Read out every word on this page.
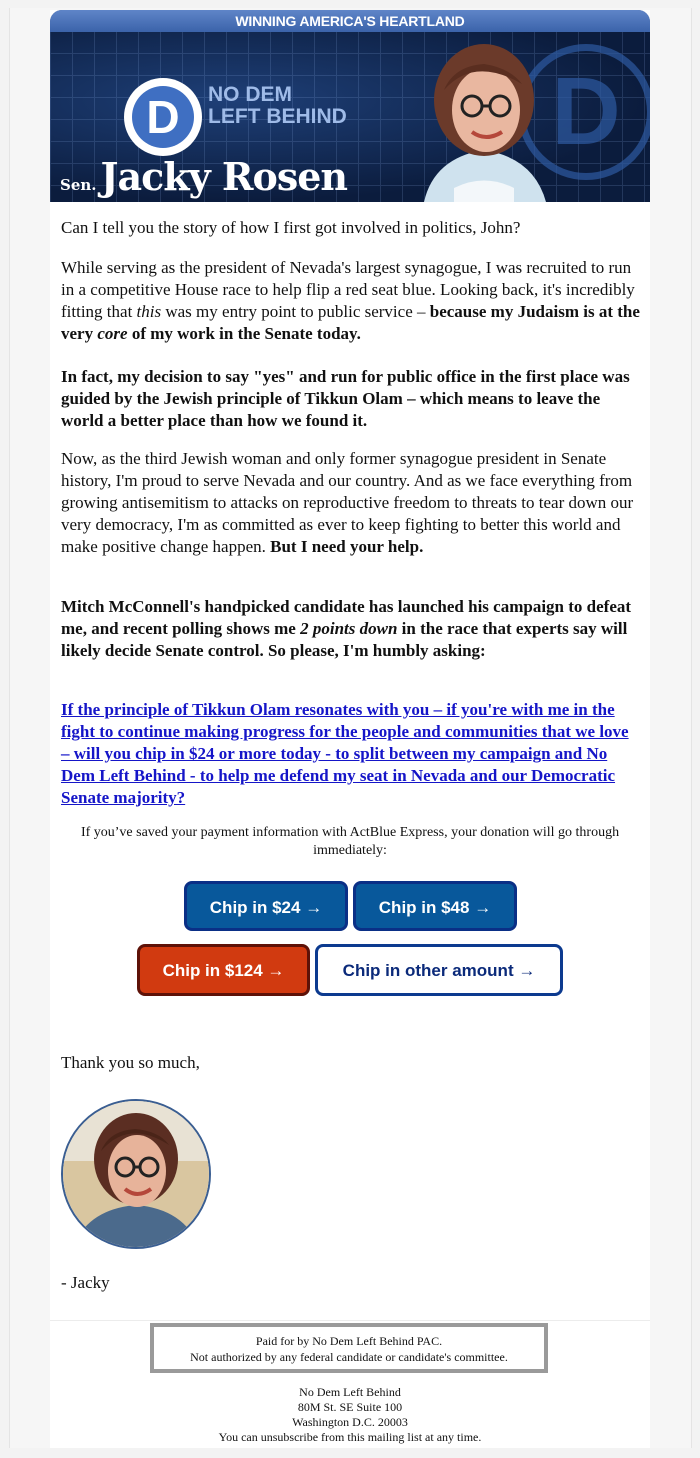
WINNING AMERICA'S HEARTLAND
D
D	NO DEM
LEFT BEHIND
Sen. Jacky Rosen

Can I tell you the story of how I first got involved in politics, John?

While serving as the president of Nevada's largest synagogue, I was recruited to run in a competitive House race to help flip a red seat blue. Looking back, it's incredibly fitting that this was my entry point to public service – because my Judaism is at the very core of my work in the Senate today.

In fact, my decision to say "yes" and run for public office in the first place was guided by the Jewish principle of Tikkun Olam – which means to leave the world a better place than how we found it.

Now, as the third Jewish woman and only former synagogue president in Senate history, I'm proud to serve Nevada and our country. And as we face everything from growing antisemitism to attacks on reproductive freedom to threats to tear down our very democracy, I'm as committed as ever to keep fighting to better this world and make positive change happen. But I need your help.

Mitch McConnell's handpicked candidate has launched his campaign to defeat me, and recent polling shows me 2 points down in the race that experts say will likely decide Senate control. So please, I'm humbly asking:

If the principle of Tikkun Olam resonates with you – if you're with me in the fight to continue making progress for the people and communities that we love – will you chip in $24 or more today - to split between my campaign and No Dem Left Behind - to help me defend my seat in Nevada and our Democratic Senate majority?

If you’ve saved your payment information with ActBlue Express, your donation will go through immediately:
Chip in $24 →	Chip in $48 →
Chip in $124 →	Chip in other amount →

Thank you so much,

- Jacky

Paid for by No Dem Left Behind PAC.
Not authorized by any federal candidate or candidate's committee.
No Dem Left Behind
80M St. SE Suite 100
Washington D.C. 20003
You can unsubscribe from this mailing list at any time.
